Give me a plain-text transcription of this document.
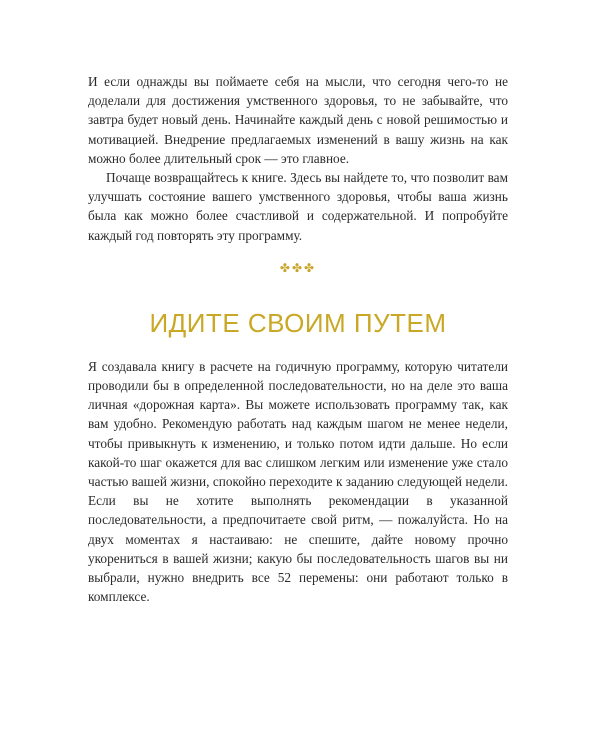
И если однажды вы поймаете себя на мысли, что сегодня чего-то не доделали для достижения умственного здоровья, то не забывайте, что завтра будет новый день. Начинайте каждый день с новой решимостью и мотивацией. Внедрение предлагаемых изменений в вашу жизнь на как можно более длительный срок — это главное.

Почаще возвращайтесь к книге. Здесь вы найдете то, что позволит вам улучшать состояние вашего умственного здоровья, чтобы ваша жизнь была как можно более счастливой и содержательной. И попробуйте каждый год повторять эту программу.

✤✤✤
ИДИТЕ СВОИМ ПУТЕМ

Я создавала книгу в расчете на годичную программу, которую читатели проводили бы в определенной последовательности, но на деле это ваша личная «дорожная карта». Вы можете использовать программу так, как вам удобно. Рекомендую работать над каждым шагом не менее недели, чтобы привыкнуть к изменению, и только потом идти дальше. Но если какой-то шаг окажется для вас слишком легким или изменение уже стало частью вашей жизни, спокойно переходите к заданию следующей недели. Если вы не хотите выполнять рекомендации в указанной последовательности, а предпочитаете свой ритм, — пожалуйста. Но на двух моментах я настаиваю: не спешите, дайте новому прочно укорениться в вашей жизни; какую бы последовательность шагов вы ни выбрали, нужно внедрить все 52 перемены: они работают только в комплексе.
